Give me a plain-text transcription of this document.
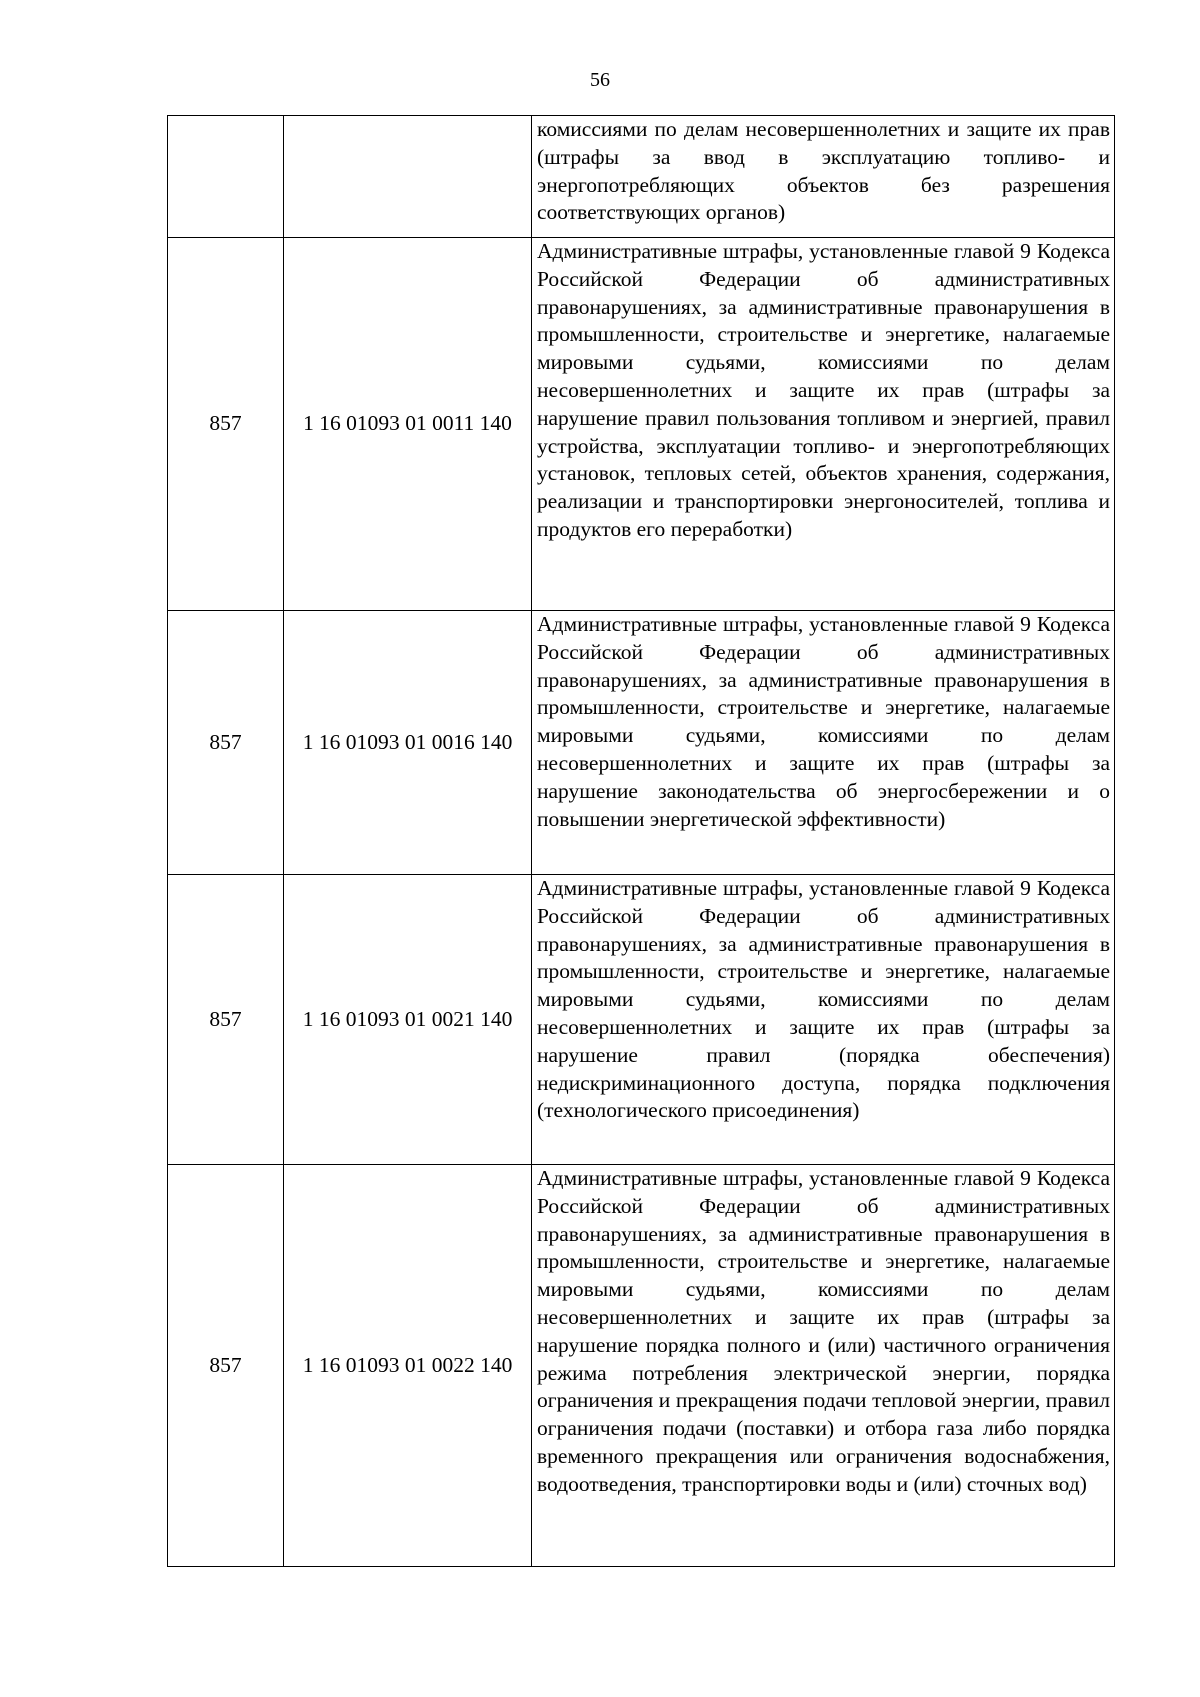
56
		комиссиями по делам несовершеннолетних и защите их прав (штрафы за ввод в эксплуатацию топливо- и энергопотребляющих объектов без разрешения соответствующих органов)
857	1 16 01093 01 0011 140	Административные штрафы, установленные главой 9 Кодекса Российской Федерации об административных правонарушениях, за административные правонарушения в промышленности, строительстве и энергетике, налагаемые мировыми судьями, комиссиями по делам несовершеннолетних и защите их прав (штрафы за нарушение правил пользования топливом и энергией, правил устройства, эксплуатации топливо- и энергопотребляющих установок, тепловых сетей, объектов хранения, содержания, реализации и транспортировки энергоносителей, топлива и продуктов его переработки)
857	1 16 01093 01 0016 140	Административные штрафы, установленные главой 9 Кодекса Российской Федерации об административных правонарушениях, за административные правонарушения в промышленности, строительстве и энергетике, налагаемые мировыми судьями, комиссиями по делам несовершеннолетних и защите их прав (штрафы за нарушение законодательства об энергосбережении и о повышении энергетической эффективности)
857	1 16 01093 01 0021 140	Административные штрафы, установленные главой 9 Кодекса Российской Федерации об административных правонарушениях, за административные правонарушения в промышленности, строительстве и энергетике, налагаемые мировыми судьями, комиссиями по делам несовершеннолетних и защите их прав (штрафы за нарушение правил (порядка обеспечения) недискриминационного доступа, порядка подключения (технологического присоединения)
857	1 16 01093 01 0022 140	Административные штрафы, установленные главой 9 Кодекса Российской Федерации об административных правонарушениях, за административные правонарушения в промышленности, строительстве и энергетике, налагаемые мировыми судьями, комиссиями по делам несовершеннолетних и защите их прав (штрафы за нарушение порядка полного и (или) частичного ограничения режима потребления электрической энергии, порядка ограничения и прекращения подачи тепловой энергии, правил ограничения подачи (поставки) и отбора газа либо порядка временного прекращения или ограничения водоснабжения, водоотведения, транспортировки воды и (или) сточных вод)
